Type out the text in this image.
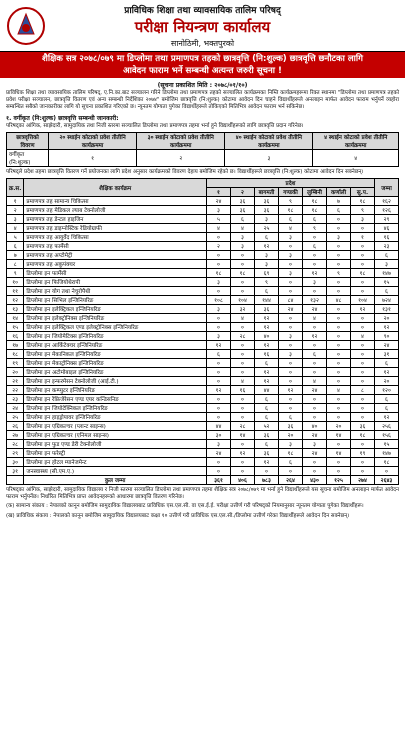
प्राविधिक शिक्षा तथा व्यावसायिक तालिम परिषद्
परीक्षा नियन्त्रण कार्यालय
सानोठिमी, भक्तपुरको
शैक्षिक सत्र २०७८/०७९ मा डिप्लोमा तथा प्रमाणपत्र तहको छात्रवृत्ति (नि:शुल्क) छात्रवृत्ति छनौटका लागि
आवेदन फाराम भर्ने सम्बन्धी अत्यन्त जरुरी सूचना !
(सूचना प्रकाशित मिति : २०७८/०१/१०)
प्राविधिक शिक्षा तथा व्यावसायिक तालिम परिषद्, ए.नि.का.बाट सञ्चालन गरिने डिप्लोमा तथा प्रमाणपत्र तहको सञ्चालित कार्यक्रमका निम्ति कार्यक्रमहरूमा रिक्त स्थानमा "डिप्लोमा तथा प्रमाणपत्र तहको प्रवेश परीक्षा सञ्चालन, छात्रवृत्ति वितरण एवं अन्य सम्बन्धी निर्देशिका २०७४" बमोजिम छात्रवृत्ति (नि:शुल्क) कोटामा आवेदन दिन चाहने विद्यार्थीहरूले अनलाइन मार्फत आवेदन फाराम भर्नुपर्ने व्यहोरा सम्बन्धित सबैको जानकारीका लागि यो सूचना प्रकाशित गरिएको छ। न्यूनतम योग्यता पुगेका विद्यार्थीहरूले तोकिएको मितिभित्र आवेदन फाराम भर्न सकिनेछ।
१. वर्गीकृत (नि:शुल्क) छात्रवृत्ति सम्बन्धी जानकारी:
परिषद्का आंगिक, साझेदारी, सामुदायिक तथा निजी स्तरमा सञ्चालित डिप्लोमा तथा प्रमाणपत्र तहमा भर्ना हुने विद्यार्थीहरूको लागि छात्रवृत्ति प्रदान गरिनेछ।
छात्रवृत्तिको विवरण	२० स्थाईन कोटाको प्रवेश तीतीनि कार्यक्रममा	३० स्थाईन कोटाको प्रवेश तीतीनि कार्यक्रममा	४० स्थाईन कोटाको प्रवेश तीतीनि कार्यक्रममा	४ स्थाईन कोटाको प्रवेश तीतीनि कार्यक्रममा
वर्गीकृत (नि:शुल्क)	१	२	३	४
परिषद्ले प्रदेश तहमा छात्रवृत्ति वितरण गर्ने प्रयोजनका लागि प्रदेश अनुसार कार्यक्रमको विवरण देहाय बमोजिम रहेको छ। विद्यार्थीहरूले छात्रवृत्ति (नि:शुल्क) कोटामा आवेदन दिन सक्नेछन्।
क्र.स.	शैक्षिक कार्यक्रम	प्रदेश							जम्मा
		१	२	बागमती	गण्डकी	लुम्बिनी	कर्णाली	सु.प.	
१	प्रमाणपत्र तह सामान्य चिकित्सा	२४	३६	३६	९	१८	७	१८	१६२
२	प्रमाणपत्र तह मेडिकल ल्याब टेक्नोलोजी	३	३६	३६	१८	१८	६	९	१२६
३	प्रमाणपत्र तह डेन्टल हाइजिन	५	६	३	६	६	०	३	२९
४	प्रमाणपत्र तह डाइग्नोस्टिक रेडियोग्राफी	४	४	२५	४	९	०	०	४६
५	प्रमाणपत्र तह आयुर्वेद चिकित्सा	०	३	६	३	०	३	१	१६
६	प्रमाणपत्र तह फार्मेसी	२	३	१२	०	६	०	०	२३
७	प्रमाणपत्र तह अप्टोमेट्री	०	०	३	३	०	०	०	६
८	प्रमाणपत्र तह अकुपंक्चर	०	०	३	०	०	०	०	३
९	डिप्लोमा इन फार्मेसी	१८	१८	६९	३	१२	९	१८	१४७
१०	डिप्लोमा इन फिजियोथेरापी	३	०	९	०	३	०	०	१५
११	डिप्लोमा इन योग तथा नेचुरोपैथी	०	०	६	०	०	०	०	६
१२	डिप्लोमा इन सिभिल इन्जिनियरिङ	१०८	१०४	१४४	८४	१३२	४८	१०४	७२४
१३	डिप्लोमा इन इलेक्ट्रिकल इन्जिनियरिङ	३	३२	३६	२४	२४	०	१२	१३१
१४	डिप्लोमा इन इलेक्ट्रोनिक्स इन्जिनियरिङ	०	४	१२	०	४	०	०	२०
१५	डिप्लोमा इन इलेक्ट्रिकल एण्ड इलेक्ट्रोनिक्स इन्जिनियरिङ	०	०	१२	०	०	०	०	१२
१६	डिप्लोमा इन जियोमेटिक्स इन्जिनियरिङ	३	२८	४०	३	१२	०	४	९०
१७	डिप्लोमा इन आर्किटेक्चर इन्जिनियरिङ	१२	०	१२	०	०	०	०	२४
१८	डिप्लोमा इन मेकानिकल इन्जिनियरिङ	६	०	१६	३	६	०	०	३१
१९	डिप्लोमा इन मेकाट्रोनिक्स इन्जिनियरिङ	०	०	६	०	०	०	०	६
२०	डिप्लोमा इन अटोमोबाइल इन्जिनियरिङ	०	०	१२	०	०	०	०	१२
२१	डिप्लोमा इन इन्फरमेसन टेक्नोलोजी (आई.टी.)	०	४	१२	०	४	०	०	२०
२२	डिप्लोमा इन कम्प्युटर इन्जिनियरिङ	१२	१६	४४	१२	२४	४	८	१२०
२३	डिप्लोमा इन रेफ्रिजेरेसन एण्ड एयर कन्डिसनिङ	०	०	६	०	०	०	०	६
२४	डिप्लोमा इन जियोटेक्निकल इन्जिनियरिङ	०	०	६	०	०	०	०	६
२५	डिप्लोमा इन हाइड्रोपावर इन्जिनियरिङ	०	०	६	६	०	०	०	१२
२६	डिप्लोमा इन एग्रिकल्चर (प्लान्ट साइन्स)	४४	२८	५२	३६	४०	२०	३६	२५६
२७	डिप्लोमा इन एग्रिकल्चर (एनिमल साइन्स)	३०	१४	३६	२०	२४	१४	१८	१५६
२८	डिप्लोमा इन फुड एण्ड डेरी टेक्नोलोजी	३	०	६	३	३	०	०	१५
२९	डिप्लोमा इन फरेस्ट्री	२४	१२	३६	१८	२४	१४	१९	१४७
३०	डिप्लोमा इन होटल म्यानेजमेन्ट	०	०	१२	६	०	०	०	१८
३१	जनस्वास्थ्य (सी.एम.ए.)	०	०	०	०	०	०	०	०
	कुल जम्मा	३६१	४०६	७८३	२६४	४३०	१२५	२७४	२६४३
परिषद्का आंगिक, साझेदारी, सामुदायिक विद्यालय र निजी स्तरमा सञ्चालित डिप्लोमा तथा प्रमाणपत्र तहमा शैक्षिक सत्र २०७८/०७९ मा भर्ना हुने विद्यार्थीहरूले यस सूचना बमोजिम अनलाइन मार्फत आवेदन फाराम भर्नुपर्नेछ। निर्धारित मितिभित्र प्राप्त आवेदनहरूको आधारमा छात्रवृत्ति वितरण गरिनेछ।
(क) सामान्य संकाय : नेपालको कानून बमोजिम सामुदायिक विद्यालयबाट प्राविधिक एस.एल.सी. वा एस.ई.ई. परीक्षा उत्तीर्ण गरी परिषद्को नियमानुसार न्यूनतम योग्यता पुगेका विद्यार्थीहरू।
(ख) प्राविधिक संकाय : नेपालको कानून बमोजिम सामुदायिक विद्यालयबाट कक्षा १० उत्तीर्ण गरी प्राविधिक एस.एल.सी./डिप्लोमा उत्तीर्ण गरेका विद्यार्थीहरूले आवेदन दिन सक्नेछन्।
